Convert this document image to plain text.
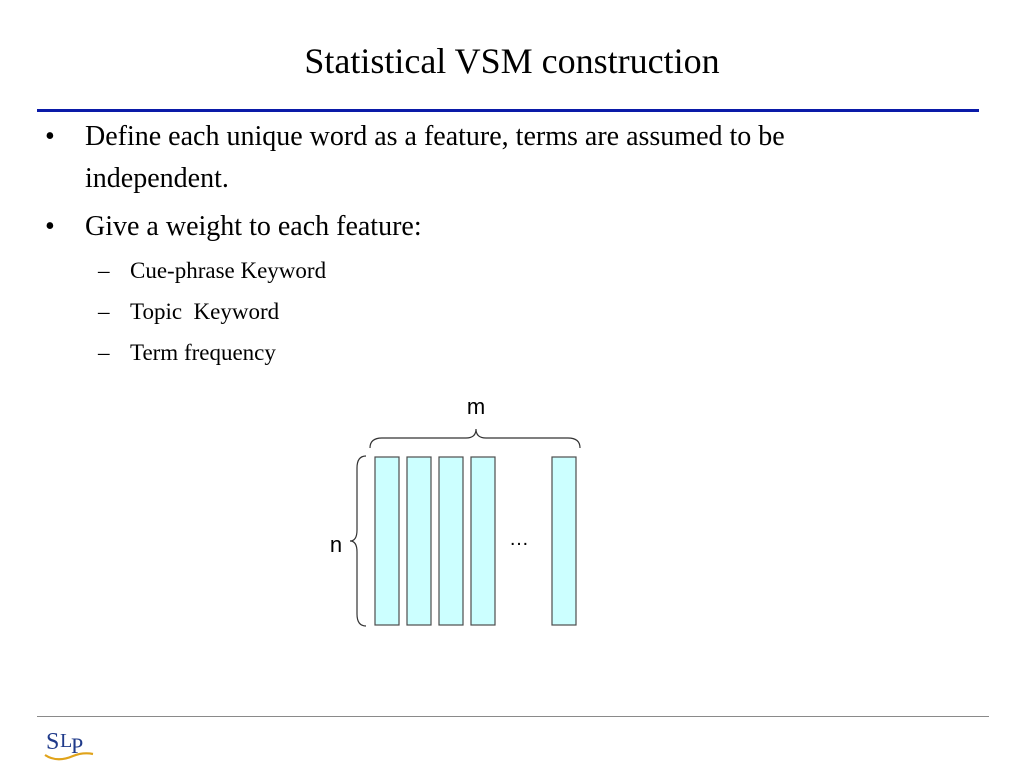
Statistical VSM construction
• Define each unique word as a feature, terms are assumed to be
independent.
• Give a weight to each feature:
– Cue-phrase Keyword
– Topic  Keyword
– Term frequency
m
n	…
S L
P
